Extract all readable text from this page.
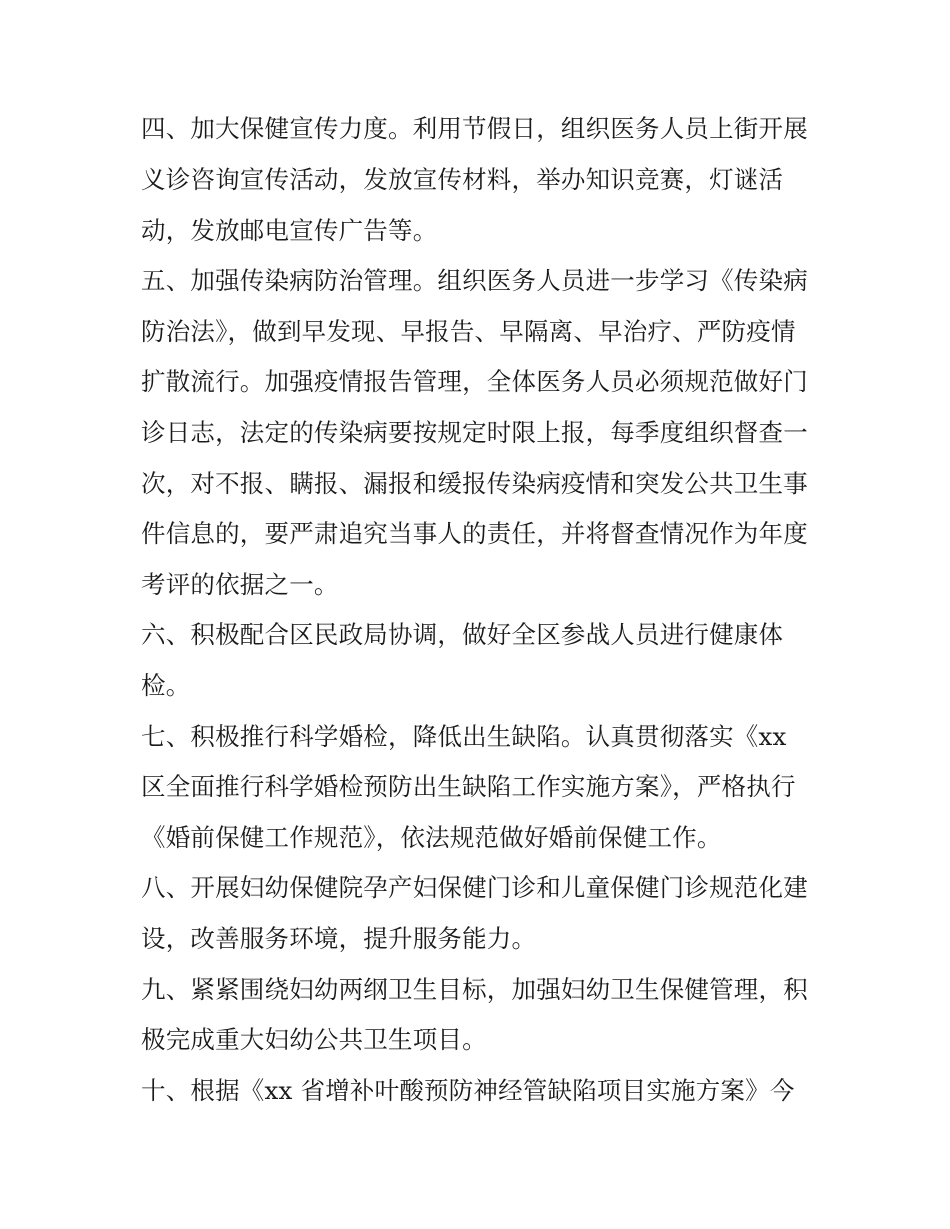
四、加大保健宣传力度。利用节假日，组织医务人员上街开展
义诊咨询宣传活动，发放宣传材料，举办知识竞赛，灯谜活
动，发放邮电宣传广告等。
五、加强传染病防治管理。组织医务人员进一步学习《传染病
防治法》，做到早发现、早报告、早隔离、早治疗、严防疫情
扩散流行。加强疫情报告管理，全体医务人员必须规范做好门
诊日志，法定的传染病要按规定时限上报，每季度组织督查一
次，对不报、瞒报、漏报和缓报传染病疫情和突发公共卫生事
件信息的，要严肃追究当事人的责任，并将督查情况作为年度
考评的依据之一。
六、积极配合区民政局协调，做好全区参战人员进行健康体
检。
七、积极推行科学婚检，降低出生缺陷。认真贯彻落实《xx
区全面推行科学婚检预防出生缺陷工作实施方案》，严格执行
《婚前保健工作规范》，依法规范做好婚前保健工作。
八、开展妇幼保健院孕产妇保健门诊和儿童保健门诊规范化建
设，改善服务环境，提升服务能力。
九、紧紧围绕妇幼两纲卫生目标，加强妇幼卫生保健管理，积
极完成重大妇幼公共卫生项目。
十、根据《xx 省增补叶酸预防神经管缺陷项目实施方案》今
